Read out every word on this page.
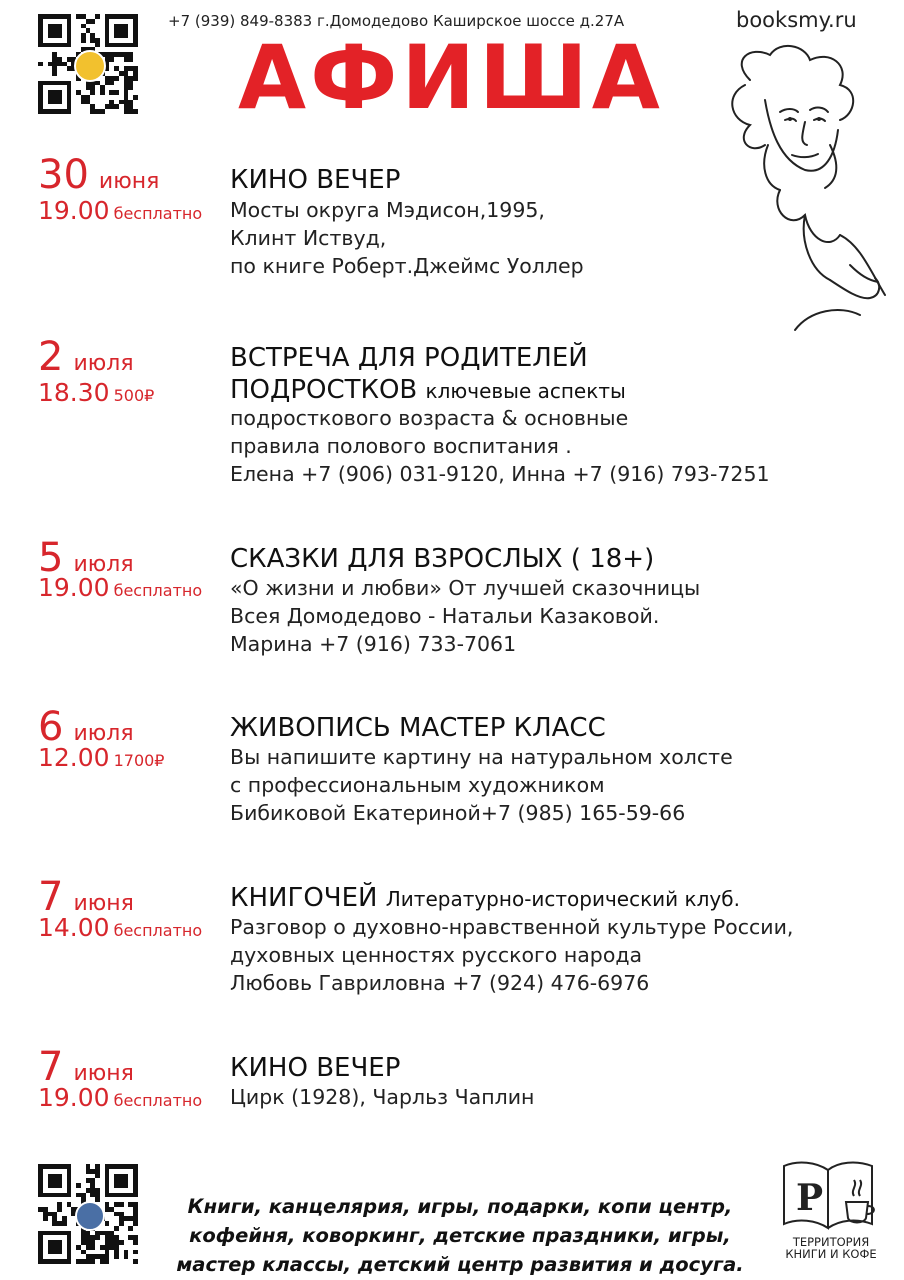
+7 (939) 849-8383 г.Домодедово Каширское шоссе д.27А	booksmy.ru
АФИША
30 июня
19.00 бесплатно
КИНО ВЕЧЕР
Мосты округа Мэдисон,1995,
Клинт Иствуд,
по книге Роберт.Джеймс Уоллер
2 июля
18.30 500₽
ВСТРЕЧА ДЛЯ РОДИТЕЛЕЙ
ПОДРОСТКОВ ключевые аспекты
подросткового возраста & основные
правила полового воспитания .
Елена +7 (906) 031-9120, Инна +7 (916) 793-7251
5 июля
19.00 бесплатно
СКАЗКИ ДЛЯ ВЗРОСЛЫХ ( 18+)
«О жизни и любви» От лучшей сказочницы
Всея Домодедово - Натальи Казаковой.
Марина +7 (916) 733-7061
6 июля
12.00 1700₽
ЖИВОПИСЬ МАСТЕР КЛАСС
Вы напишите картину на натуральном холсте
с профессиональным художником
Бибиковой Екатериной+7 (985) 165-59-66
7 июня
14.00 бесплатно
КНИГОЧЕЙ Литературно-исторический клуб.
Разговор о духовно-нравственной культуре России,
духовных ценностях русского народа
Любовь Гавриловна +7 (924) 476-6976
7 июня
19.00 бесплатно
КИНО ВЕЧЕР
Цирк (1928), Чарльз Чаплин
Книги, канцелярия, игры, подарки, копи центр,
кофейня, коворкинг, детские праздники, игры,
мастер классы, детский центр развития и досуга.
Р
ТЕРРИТОРИЯ
КНИГИ И КОФЕ
